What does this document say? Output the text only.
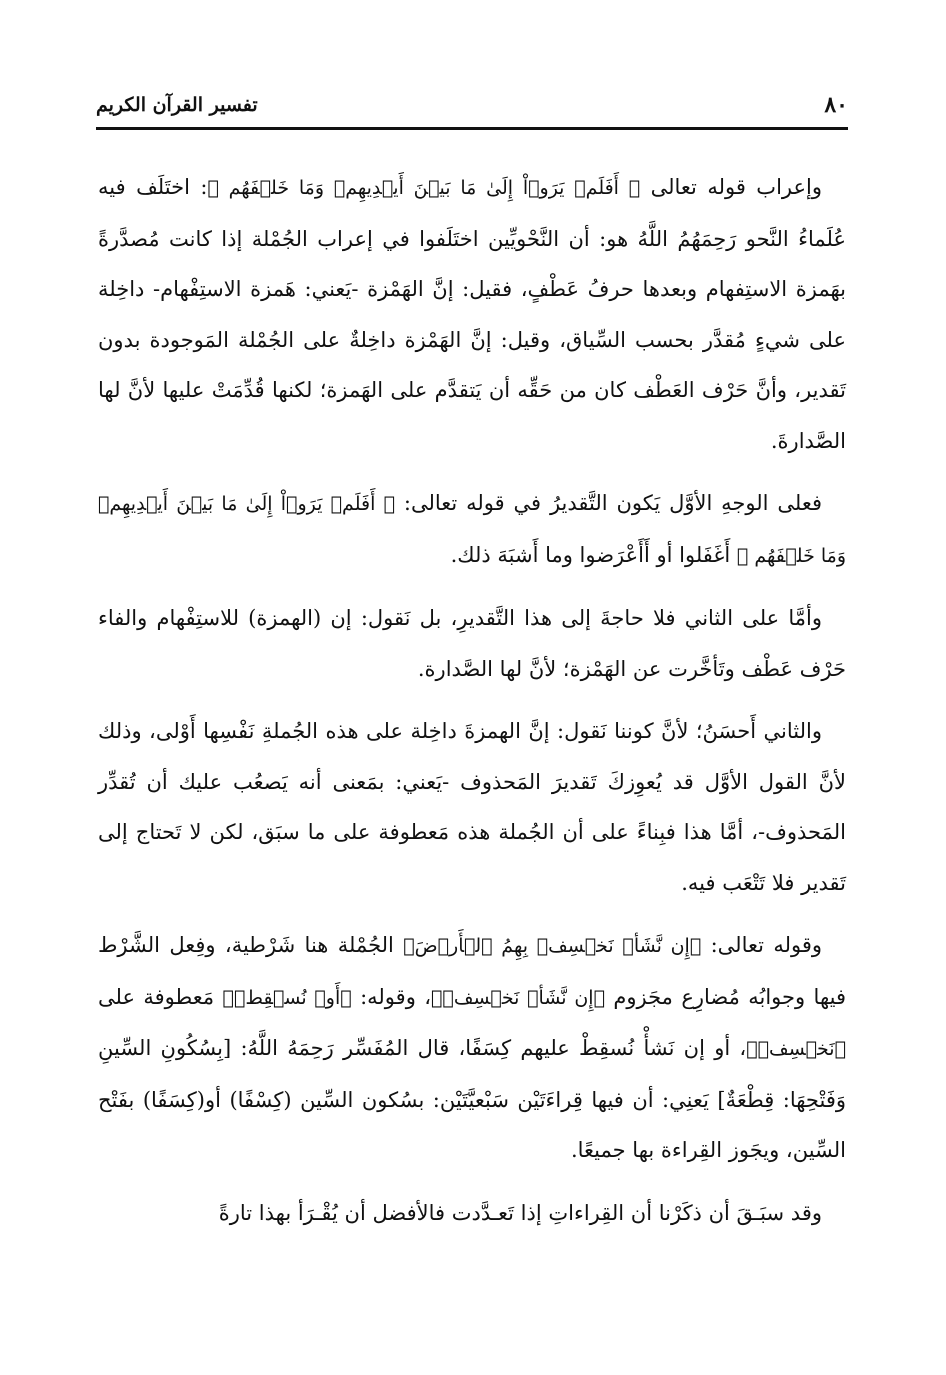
٨٠
تفسير القرآن الكريم

وإعراب قوله تعالى ﴿ أَفَلَمۡ يَرَوۡاْ إِلَىٰ مَا بَيۡنَ أَيۡدِيهِمۡ وَمَا خَلۡفَهُم ﴾: اختَلَف فيه عُلَماءُ النَّحو رَحِمَهُمُ اللَّهُ هو: أن النَّحْويِّين اختَلَفوا في إعراب الجُمْلة إذا كانت مُصدَّرةً بهَمزة الاستِفهام وبعدها حرفُ عَطْفٍ، فقيل: إنَّ الهَمْزة -يَعني: هَمزة الاستِفْهام- داخِلة على شيءٍ مُقدَّر بحسب السِّياق، وقيل: إنَّ الهَمْزة داخِلةٌ على الجُمْلة المَوجودة بدون تَقدير، وأنَّ حَرْف العَطْف كان من حَقِّه أن يَتقدَّم على الهَمزة؛ لكنها قُدِّمَتْ عليها لأنَّ لها الصَّدارةَ.

فعلى الوجهِ الأوَّل يَكون التَّقديرُ في قوله تعالى: ﴿ أَفَلَمۡ يَرَوۡاْ إِلَىٰ مَا بَيۡنَ أَيۡدِيهِمۡ وَمَا خَلۡفَهُم ﴾ أَغَفَلوا أو أَأَعْرَضوا وما أَشبَهَ ذلك.

وأمَّا على الثاني فلا حاجةَ إلى هذا التَّقديرِ، بل نَقول: إن (الهمزة) للاستِفْهام والفاء حَرْف عَطْف وتَأخَّرت عن الهَمْزة؛ لأنَّ لها الصَّدارة.

والثاني أَحسَنُ؛ لأنَّ كوننا نَقول: إنَّ الهمزةَ داخِلة على هذه الجُملةِ نَفْسِها أَوْلى، وذلك لأنَّ القول الأوَّل قد يُعوِزكَ تَقديرَ المَحذوف -يَعني: بمَعنى أنه يَصعُب عليك أن تُقدِّر المَحذوف-، أمَّا هذا فبِناءً على أن الجُملة هذه مَعطوفة على ما سبَق، لكن لا تَحتاج إلى تَقدير فلا تَتْعَب فيه.

وقوله تعالى: ﴿إِن نَّشَأۡ نَخۡسِفۡ بِهِمُ ٱلۡأَرۡضَ﴾ الجُمْلة هنا شَرْطية، وفِعل الشَّرْط فيها وجوابُه مُضارِع مجَزوم ﴿إِن نَّشَأۡ نَخۡسِفۡ﴾، وقوله: ﴿أَوۡ نُسۡقِطۡ﴾ مَعطوفة على ﴿نَخۡسِفۡ﴾، أو إن نَشأْ نُسقِطْ عليهم كِسَفًا، قال المُفَسِّر رَحِمَهُ اللَّهُ: [بِسُكُونِ السِّينِ وَفَتْحِهَا: قِطْعَةٌ] يَعنِي: أن فيها قِراءَتَيْن سَبْعيَّتَيْن: بسُكون السِّين (كِسْفًا) أو(كِسَفًا) بفَتْح السِّين، ويجَوز القِراءة بها جميعًا.

وقد سبَـقَ أن ذكَرْنا أن القِراءاتِ إذا تَعـدَّدت فالأفضل أن يُقْـرَأ بهذا تارةً
